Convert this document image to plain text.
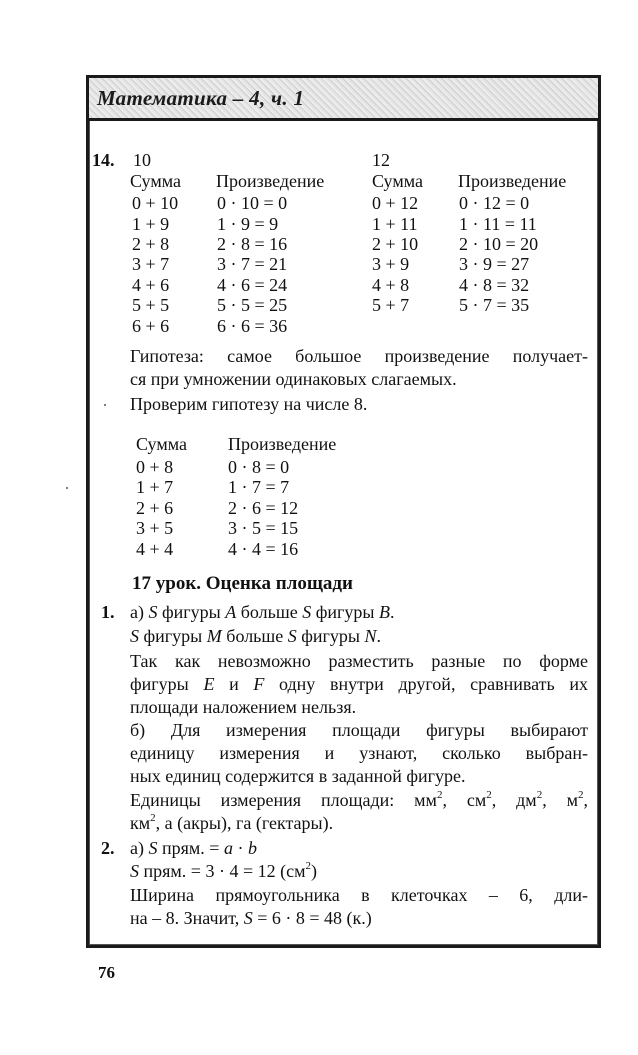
Математика – 4, ч. 1
14. 10	12
Сумма Произведение	Сумма Произведение
0 + 10
1 + 9
2 + 8
3 + 7
4 + 6
5 + 5
6 + 6
0 · 10 = 0
1 · 9 = 9
2 · 8 = 16
3 · 7 = 21
4 · 6 = 24
5 · 5 = 25
6 · 6 = 36
0 + 12
1 + 11
2 + 10
3 + 9
4 + 8
5 + 7
0 · 12 = 0
1 · 11 = 11
2 · 10 = 20
3 · 9 = 27
4 · 8 = 32
5 · 7 = 35
Гипотеза: самое большое произведение получает-
ся при умножении одинаковых слагаемых.
Проверим гипотезу на числе 8.
Сумма Произведение
0 + 8
1 + 7
2 + 6
3 + 5
4 + 4
0 · 8 = 0
1 · 7 = 7
2 · 6 = 12
3 · 5 = 15
4 · 4 = 16
17 урок. Оценка площади
1. а) S фигуры A больше S фигуры B.
S фигуры M больше S фигуры N.
Так как невозможно разместить разные по форме
фигуры E и F одну внутри другой, сравнивать их
площади наложением нельзя.
б) Для измерения площади фигуры выбирают
единицу измерения и узнают, сколько выбран-
ных единиц содержится в заданной фигуре.
Единицы измерения площади: $мм^2$, $см^2$, $дм^2$, $м^2$,
$км^2$, а (акры), га (гектары).
2. а) S прям. = a · b
S прям. = 3 · 4 = 12 $(см^2)$
Ширина прямоугольника в клеточках – 6, дли-
на – 8. Значит, S = 6 · 8 = 48 (к.)
76
